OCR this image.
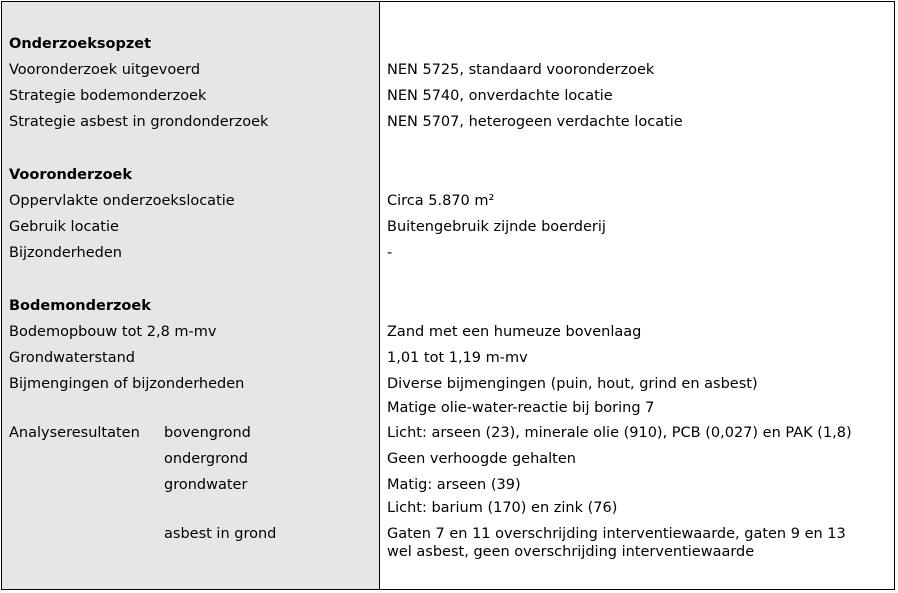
Onderzoeksopzet
Vooronderzoek uitgevoerd	NEN 5725, standaard vooronderzoek
Strategie bodemonderzoek	NEN 5740, onverdachte locatie
Strategie asbest in grondonderzoek	NEN 5707, heterogeen verdachte locatie
Vooronderzoek
Oppervlakte onderzoekslocatie	Circa 5.870 m²
Gebruik locatie	Buitengebruik zijnde boerderij
Bijzonderheden	-
Bodemonderzoek
Bodemopbouw tot 2,8 m-mv	Zand met een humeuze bovenlaag
Grondwaterstand	1,01 tot 1,19 m-mv
Bijmengingen of bijzonderheden	Diverse bijmengingen (puin, hout, grind en asbest)
Matige olie-water-reactie bij boring 7
Analyseresultaten bovengrond	Licht: arseen (23), minerale olie (910), PCB (0,027) en PAK (1,8)
ondergrond	Geen verhoogde gehalten
grondwater	Matig: arseen (39)
Licht: barium (170) en zink (76)
asbest in grond	Gaten 7 en 11 overschrijding interventiewaarde, gaten 9 en 13
wel asbest, geen overschrijding interventiewaarde
